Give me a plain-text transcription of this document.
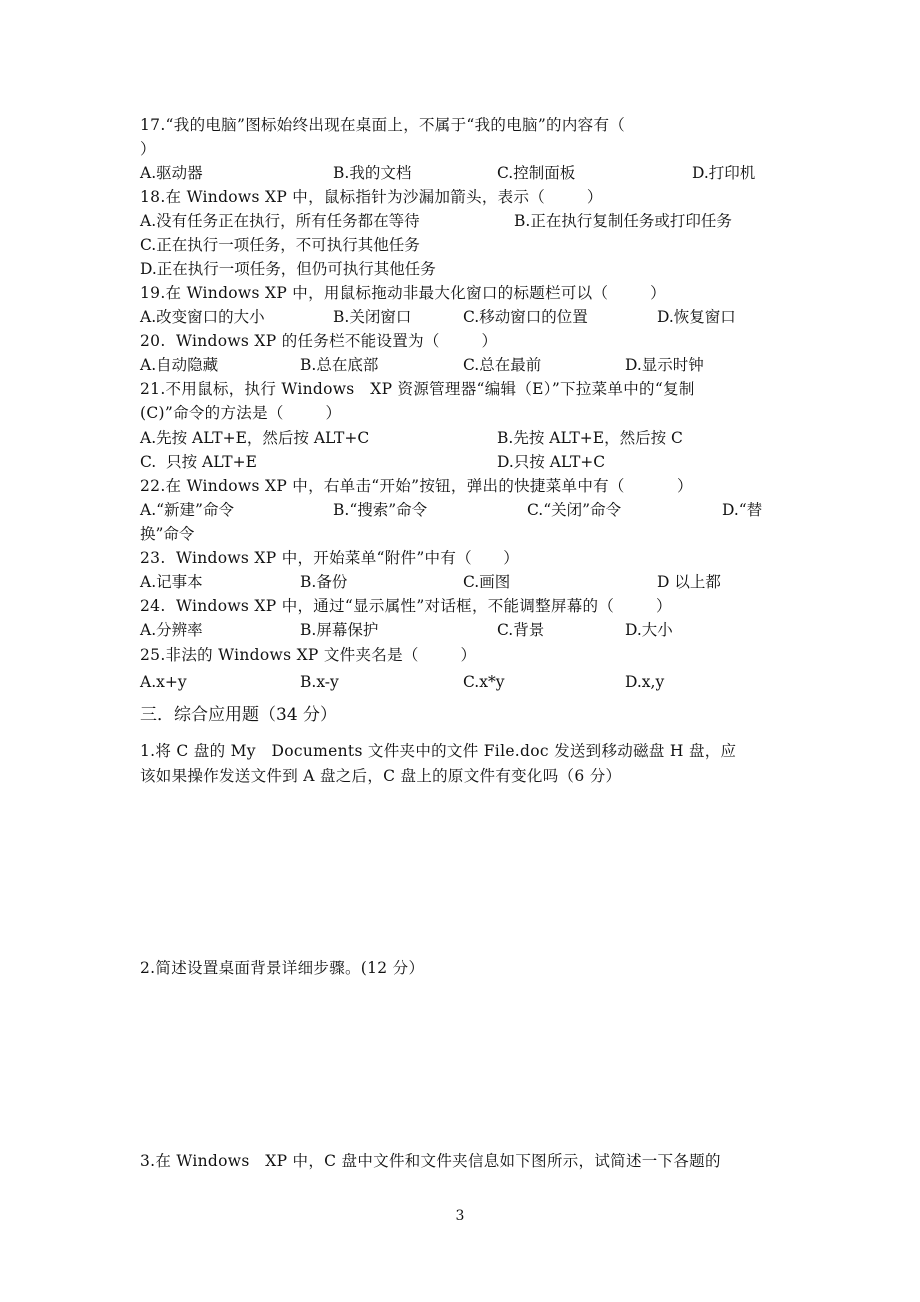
17.“我的电脑”图标始终出现在桌面上，不属于“我的电脑”的内容有（
）
A.驱动器	B.我的文档	C.控制面板	D.打印机
18.在 Windows XP 中，鼠标指针为沙漏加箭头，表示（        ）
A.没有任务正在执行，所有任务都在等待	B.正在执行复制任务或打印任务
C.正在执行一项任务，不可执行其他任务
D.正在执行一项任务，但仍可执行其他任务
19.在 Windows XP 中，用鼠标拖动非最大化窗口的标题栏可以（        ）
A.改变窗口的大小	B.关闭窗口	C.移动窗口的位置	D.恢复窗口
20.  Windows XP 的任务栏不能设置为（        ）
A.自动隐藏	B.总在底部	C.总在最前	D.显示时钟
21.不用鼠标，执行 Windows   XP 资源管理器“编辑（E）”下拉菜单中的“复制
(C)”命令的方法是（        ）
A.先按 ALT+E，然后按 ALT+C	B.先按 ALT+E，然后按 C
C.  只按 ALT+E	D.只按 ALT+C
22.在 Windows XP 中，右单击“开始”按钮，弹出的快捷菜单中有（          ）
A.“新建”命令	B.“搜索”命令	C.“关闭”命令	D.“替
换”命令
23.  Windows XP 中，开始菜单“附件”中有（      ）
A.记事本	B.备份	C.画图	D 以上都
24.  Windows XP 中，通过“显示属性”对话框，不能调整屏幕的（        ）
A.分辨率	B.屏幕保护	C.背景	D.大小
25.非法的 Windows XP 文件夹名是（        ）
A.x+y	B.x-y	C.x*y	D.x,y
三．综合应用题（34 分）
1.将 C 盘的 My   Documents 文件夹中的文件 File.doc 发送到移动磁盘 H 盘，应
该如果操作发送文件到 A 盘之后，C 盘上的原文件有变化吗（6 分）
2.简述设置桌面背景详细步骤。(12 分）
3.在 Windows   XP 中，C 盘中文件和文件夹信息如下图所示，试简述一下各题的
3
